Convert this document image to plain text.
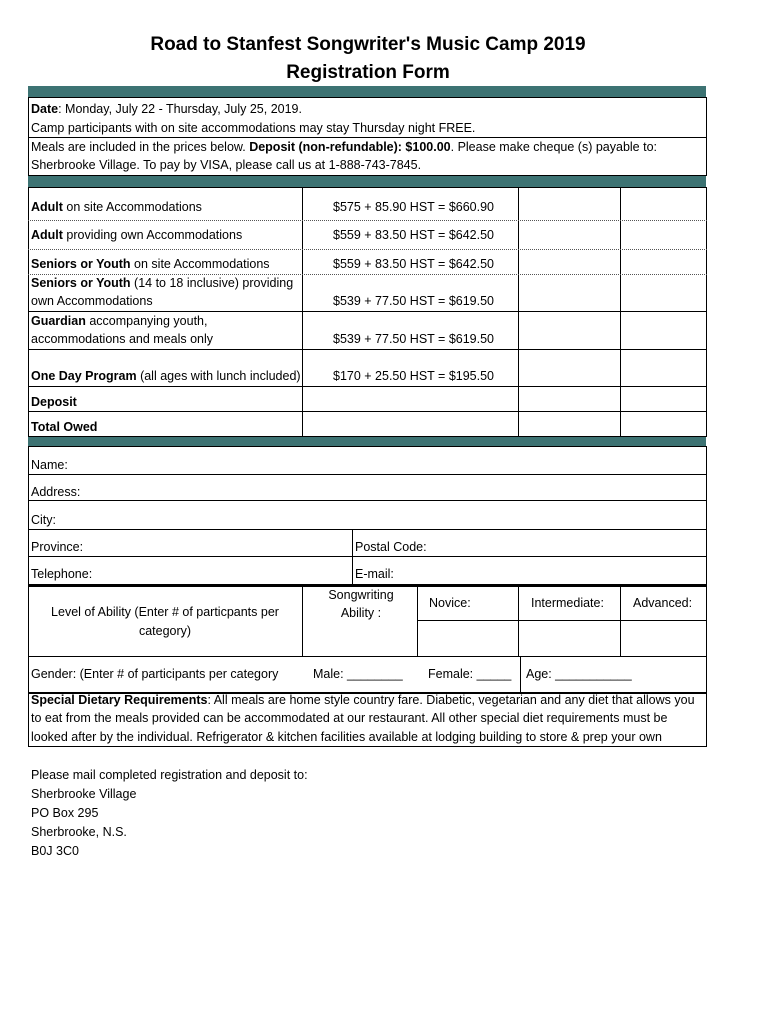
Road to Stanfest Songwriter's Music Camp 2019
Registration Form
Date: Monday, July 22 - Thursday, July 25, 2019.
Camp participants with on site accommodations may stay Thursday night FREE.
Meals are included in the prices below. Deposit (non-refundable): $100.00. Please make cheque (s) payable to:
Sherbrooke Village. To pay by VISA, please call us at 1-888-743-7845.
Adult on site Accommodations	$575 + 85.90 HST = $660.90
Adult providing own Accommodations	$559 + 83.50 HST = $642.50
Seniors or Youth on site Accommodations	$559 + 83.50 HST = $642.50
Seniors or Youth (14 to 18 inclusive) providing
own Accommodations	$539 + 77.50 HST = $619.50
Guardian accompanying youth,
accommodations and meals only	$539 + 77.50 HST = $619.50
One Day Program (all ages with lunch included)	$170 + 25.50 HST = $195.50
Deposit
Total Owed
Name:
Address:
City:
Province:	Postal Code:
Telephone:	E-mail:
Level of Ability (Enter # of particpants per category)
Songwriting Ability :
Novice:	Intermediate: Advanced:
Gender: (Enter # of participants per category	Male: ________ Female: _____ Age: ___________
Special Dietary Requirements: All meals are home style country fare. Diabetic, vegetarian and any diet that allows you
to eat from the meals provided can be accommodated at our restaurant. All other special diet requirements must be
looked after by the individual. Refrigerator & kitchen facilities available at lodging building to store & prep your own
Please mail completed registration and deposit to:
Sherbrooke Village
PO Box 295
Sherbrooke, N.S.
B0J 3C0
